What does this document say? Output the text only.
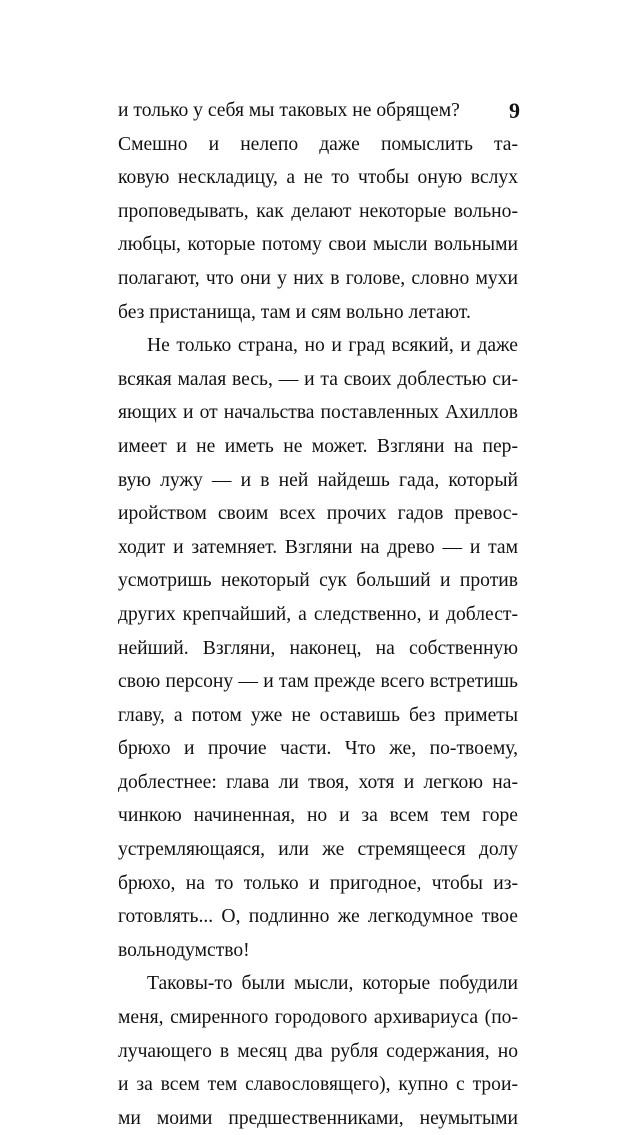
9
и только у себя мы таковых не обрящем?
Смешно и нелепо даже помыслить та-
ковую нескладицу, а не то чтобы оную вслух
проповедывать, как делают некоторые вольно-
любцы, которые потому свои мысли вольными
полагают, что они у них в голове, словно мухи
без пристанища, там и сям вольно летают.
Не только страна, но и град всякий, и даже
всякая малая весь, — и та своих доблестью си-
яющих и от начальства поставленных Ахиллов
имеет и не иметь не может. Взгляни на пер-
вую лужу — и в ней найдешь гада, который
иройством своим всех прочих гадов превос-
ходит и затемняет. Взгляни на древо — и там
усмотришь некоторый сук больший и против
других крепчайший, а следственно, и доблест-
нейший. Взгляни, наконец, на собственную
свою персону — и там прежде всего встретишь
главу, а потом уже не оставишь без приметы
брюхо и прочие части. Что же, по-твоему,
доблестнее: глава ли твоя, хотя и легкою на-
чинкою начиненная, но и за всем тем горе
устремляющаяся, или же стремящееся долу
брюхо, на то только и пригодное, чтобы из-
готовлять... О, подлинно же легкодумное твое
вольнодумство!
Таковы-то были мысли, которые побудили
меня, смиренного городового архивариуса (по-
лучающего в месяц два рубля содержания, но
и за всем тем славословящего), купно с трои-
ми моими предшественниками, неумытыми
